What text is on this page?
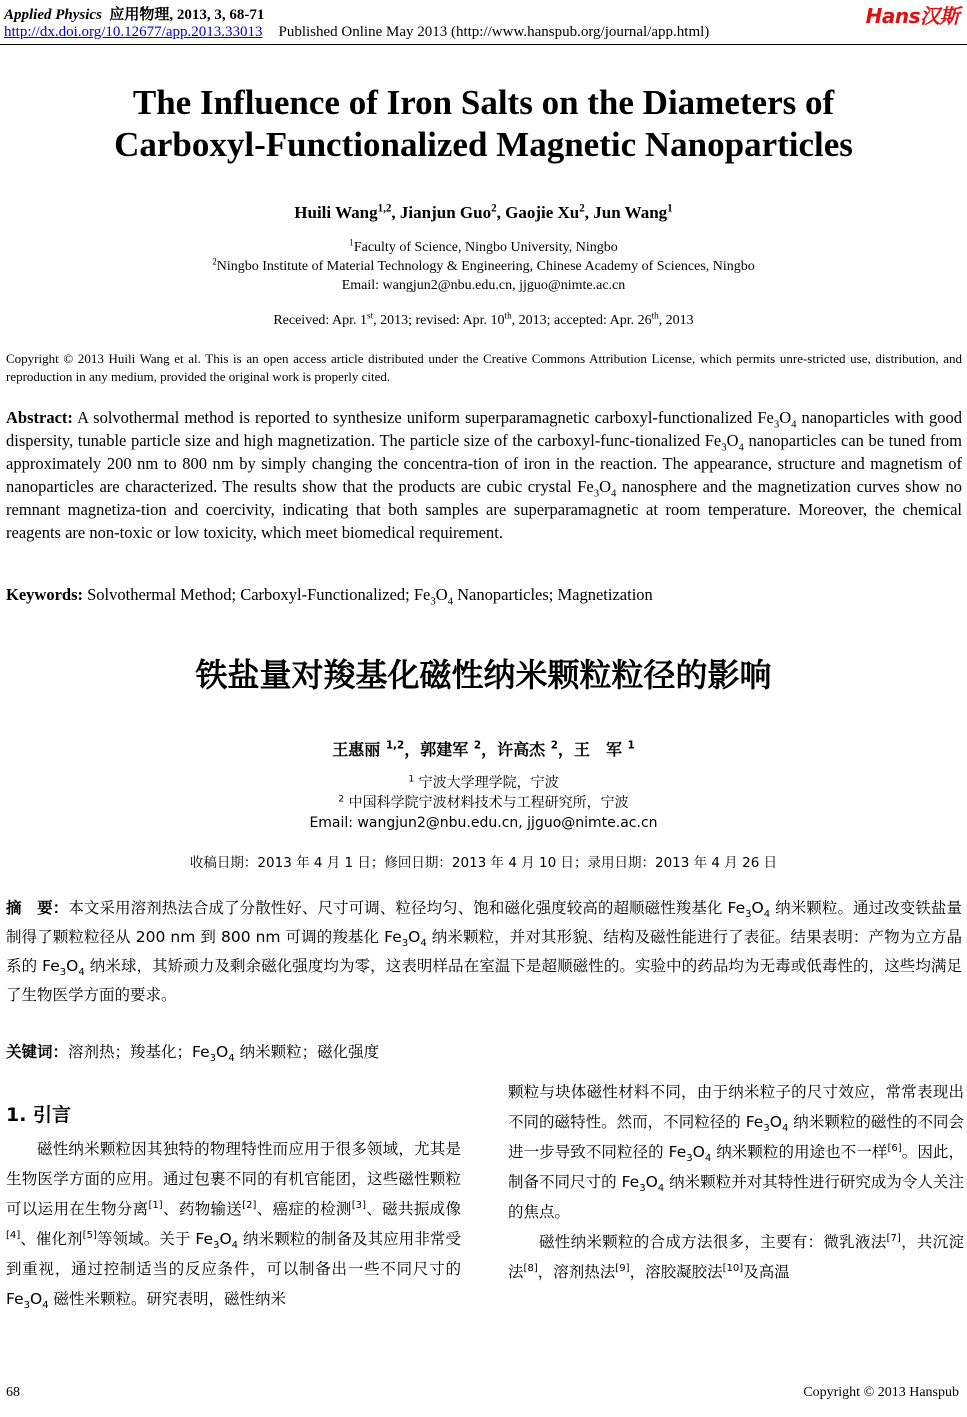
Applied Physics 应用物理, 2013, 3, 68-71
http://dx.doi.org/10.12677/app.2013.33013 Published Online May 2013 (http://www.hanspub.org/journal/app.html)
Hans汉斯
The Influence of Iron Salts on the Diameters of
Carboxyl-Functionalized Magnetic Nanoparticles
Huili Wang$^{1,2}$, Jianjun Guo$^2$, Gaojie Xu$^2$, Jun Wang$^1$
$^1$Faculty of Science, Ningbo University, Ningbo
$^2$Ningbo Institute of Material Technology & Engineering, Chinese Academy of Sciences, Ningbo
Email: wangjun2@nbu.edu.cn, jjguo@nimte.ac.cn
Received: Apr. 1st, 2013; revised: Apr. 10th, 2013; accepted: Apr. 26th, 2013
Copyright © 2013 Huili Wang et al. This is an open access article distributed under the Creative Commons Attribution License, which permits unre-stricted use, distribution, and reproduction in any medium, provided the original work is properly cited.
Abstract: A solvothermal method is reported to synthesize uniform superparamagnetic carboxyl-functionalized $Fe_3O_4$ nanoparticles with good dispersity, tunable particle size and high magnetization. The particle size of the carboxyl-func-tionalized $Fe_3O_4$ nanoparticles can be tuned from approximately 200 nm to 800 nm by simply changing the concentra-tion of iron in the reaction. The appearance, structure and magnetism of nanoparticles are characterized. The results show that the products are cubic crystal $Fe_3O_4$ nanosphere and the magnetization curves show no remnant magnetiza-tion and coercivity, indicating that both samples are superparamagnetic at room temperature. Moreover, the chemical reagents are non-toxic or low toxicity, which meet biomedical requirement.
Keywords: Solvothermal Method; Carboxyl-Functionalized; $Fe_3O_4$ Nanoparticles; Magnetization
铁盐量对羧基化磁性纳米颗粒粒径的影响
王惠丽 $^{1,2}$，郭建军 $^2$，许高杰 $^2$，王　军 $^1$
$^1$ 宁波大学理学院，宁波
$^2$ 中国科学院宁波材料技术与工程研究所，宁波
Email: wangjun2@nbu.edu.cn, jjguo@nimte.ac.cn
收稿日期：2013 年 4 月 1 日；修回日期：2013 年 4 月 10 日；录用日期：2013 年 4 月 26 日
摘　要：本文采用溶剂热法合成了分散性好、尺寸可调、粒径均匀、饱和磁化强度较高的超顺磁性羧基化 $Fe_3O_4$ 纳米颗粒。通过改变铁盐量制得了颗粒粒径从 200 nm 到 800 nm 可调的羧基化 $Fe_3O_4$ 纳米颗粒，并对其形貌、结构及磁性能进行了表征。结果表明：产物为立方晶系的 $Fe_3O_4$ 纳米球，其矫顽力及剩余磁化强度均为零，这表明样品在室温下是超顺磁性的。实验中的药品均为无毒或低毒性的，这些均满足了生物医学方面的要求。
关键词：溶剂热；羧基化；$Fe_3O_4$ 纳米颗粒；磁化强度
1. 引言
磁性纳米颗粒因其独特的物理特性而应用于很多领域，尤其是生物医学方面的应用。通过包裹不同的有机官能团，这些磁性颗粒可以运用在生物分离[1]、药物输送[2]、癌症的检测[3]、磁共振成像[4]、催化剂[5]等领域。关于 $Fe_3O_4$ 纳米颗粒的制备及其应用非常受到重视，通过控制适当的反应条件，可以制备出一些不同尺寸的 $Fe_3O_4$ 磁性米颗粒。研究表明，磁性纳米
颗粒与块体磁性材料不同，由于纳米粒子的尺寸效应，常常表现出不同的磁特性。然而，不同粒径的 $Fe_3O_4$ 纳米颗粒的磁性的不同会进一步导致不同粒径的 $Fe_3O_4$ 纳米颗粒的用途也不一样[6]。因此，制备不同尺寸的 $Fe_3O_4$ 纳米颗粒并对其特性进行研究成为令人关注的焦点。
磁性纳米颗粒的合成方法很多，主要有：微乳液法[7]，共沉淀法[8]，溶剂热法[9]，溶胶凝胶法[10]及高温
68	Copyright © 2013 Hanspub
